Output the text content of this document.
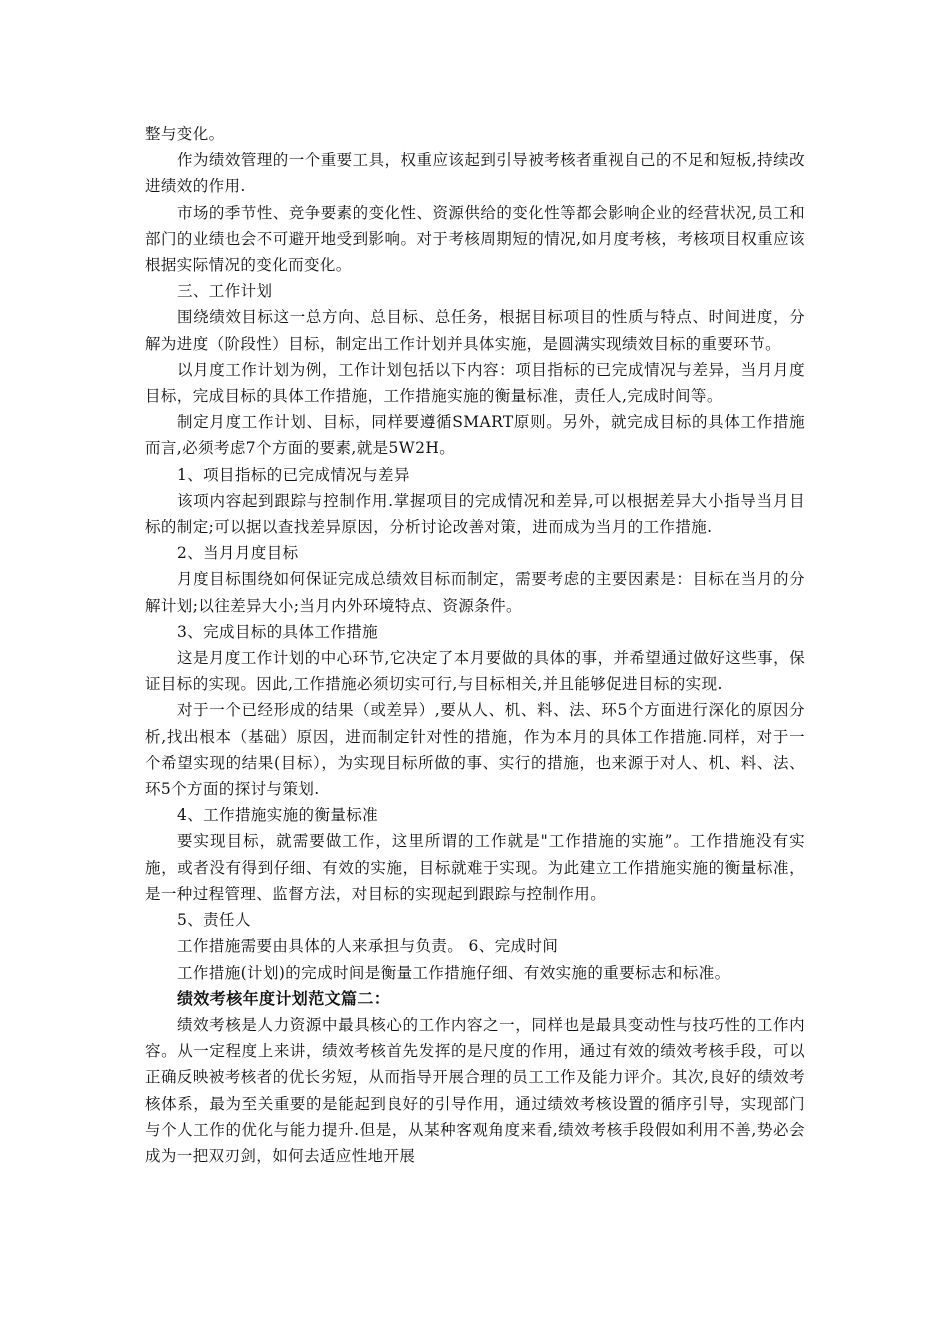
整与变化。

作为绩效管理的一个重要工具，权重应该起到引导被考核者重视自己的不足和短板,持续改进绩效的作用.

市场的季节性、竞争要素的变化性、资源供给的变化性等都会影响企业的经营状况,员工和部门的业绩也会不可避开地受到影响。对于考核周期短的情况,如月度考核，考核项目权重应该根据实际情况的变化而变化。

三、工作计划

围绕绩效目标这一总方向、总目标、总任务，根据目标项目的性质与特点、时间进度，分解为进度（阶段性）目标，制定出工作计划并具体实施，是圆满实现绩效目标的重要环节。

以月度工作计划为例，工作计划包括以下内容：项目指标的已完成情况与差异，当月月度目标，完成目标的具体工作措施，工作措施实施的衡量标准，责任人,完成时间等。

制定月度工作计划、目标，同样要遵循SMART原则。另外，就完成目标的具体工作措施而言,必须考虑7个方面的要素,就是5W2H。

1、项目指标的已完成情况与差异

该项内容起到跟踪与控制作用.掌握项目的完成情况和差异,可以根据差异大小指导当月目标的制定;可以据以查找差异原因，分析讨论改善对策，进而成为当月的工作措施.

2、当月月度目标

月度目标围绕如何保证完成总绩效目标而制定，需要考虑的主要因素是：目标在当月的分解计划;以往差异大小;当月内外环境特点、资源条件。

3、完成目标的具体工作措施

这是月度工作计划的中心环节,它决定了本月要做的具体的事，并希望通过做好这些事，保证目标的实现。因此,工作措施必须切实可行,与目标相关,并且能够促进目标的实现.

对于一个已经形成的结果（或差异）,要从人、机、料、法、环5个方面进行深化的原因分析,找出根本（基础）原因，进而制定针对性的措施，作为本月的具体工作措施.同样，对于一个希望实现的结果(目标），为实现目标所做的事、实行的措施，也来源于对人、机、料、法、环5个方面的探讨与策划.

4、工作措施实施的衡量标准

要实现目标，就需要做工作，这里所谓的工作就是"工作措施的实施”。工作措施没有实施，或者没有得到仔细、有效的实施，目标就难于实现。为此建立工作措施实施的衡量标准，是一种过程管理、监督方法，对目标的实现起到跟踪与控制作用。

5、责任人

工作措施需要由具体的人来承担与负责。 6、完成时间

工作措施(计划)的完成时间是衡量工作措施仔细、有效实施的重要标志和标准。

绩效考核年度计划范文篇二：

绩效考核是人力资源中最具核心的工作内容之一，同样也是最具变动性与技巧性的工作内容。从一定程度上来讲，绩效考核首先发挥的是尺度的作用，通过有效的绩效考核手段，可以正确反映被考核者的优长劣短，从而指导开展合理的员工工作及能力评介。其次,良好的绩效考核体系，最为至关重要的是能起到良好的引导作用，通过绩效考核设置的循序引导，实现部门与个人工作的优化与能力提升.但是，从某种客观角度来看,绩效考核手段假如利用不善,势必会成为一把双刃剑，如何去适应性地开展
